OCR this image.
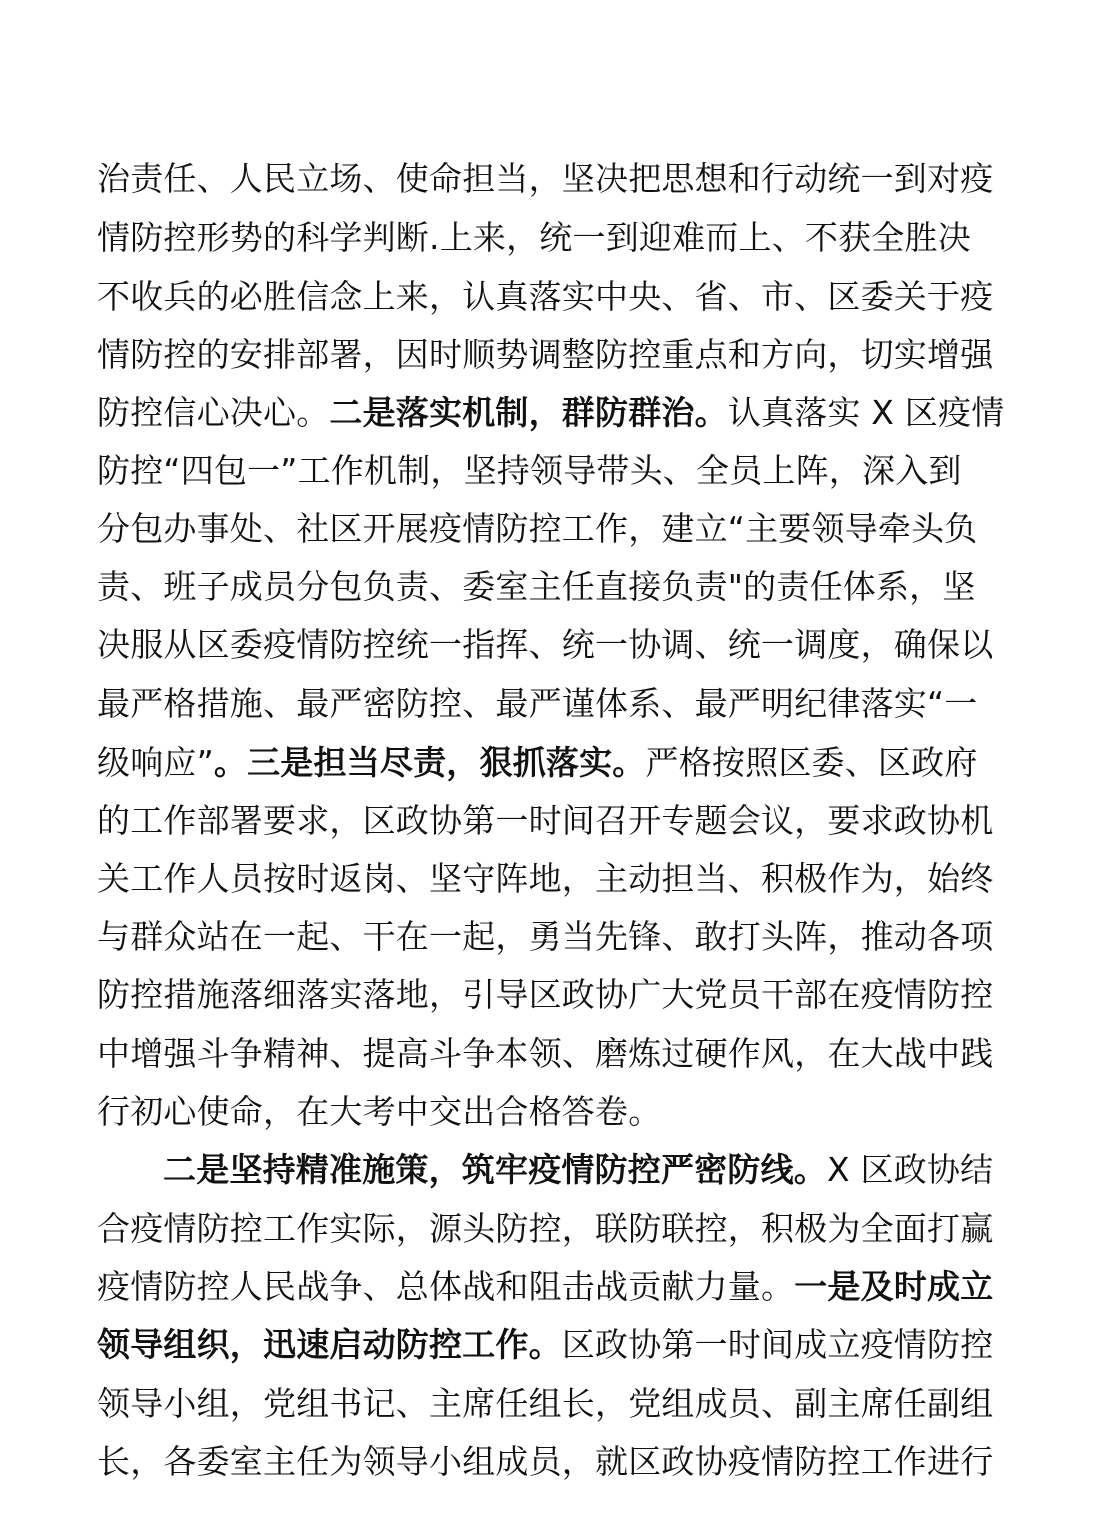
治责任、人民立场、使命担当，坚决把思想和行动统一到对疫
情防控形势的科学判断.上来，统一到迎难而上、不获全胜决
不收兵的必胜信念上来，认真落实中央、省、市、区委关于疫
情防控的安排部署，因时顺势调整防控重点和方向，切实增强
防控信心决心。二是落实机制，群防群治。认真落实 X 区疫情
防控“四包一”工作机制，坚持领导带头、全员上阵，深入到
分包办事处、社区开展疫情防控工作，建立“主要领导牵头负
责、班子成员分包负责、委室主任直接负责"的责任体系，坚
决服从区委疫情防控统一指挥、统一协调、统一调度，确保以
最严格措施、最严密防控、最严谨体系、最严明纪律落实“一
级响应”。三是担当尽责，狠抓落实。严格按照区委、区政府
的工作部署要求，区政协第一时间召开专题会议，要求政协机
关工作人员按时返岗、坚守阵地，主动担当、积极作为，始终
与群众站在一起、干在一起，勇当先锋、敢打头阵，推动各项
防控措施落细落实落地，引导区政协广大党员干部在疫情防控
中增强斗争精神、提高斗争本领、磨炼过硬作风，在大战中践
行初心使命，在大考中交出合格答卷。
二是坚持精准施策，筑牢疫情防控严密防线。X 区政协结
合疫情防控工作实际，源头防控，联防联控，积极为全面打赢
疫情防控人民战争、总体战和阻击战贡献力量。一是及时成立
领导组织，迅速启动防控工作。区政协第一时间成立疫情防控
领导小组，党组书记、主席任组长，党组成员、副主席任副组
长，各委室主任为领导小组成员，就区政协疫情防控工作进行
